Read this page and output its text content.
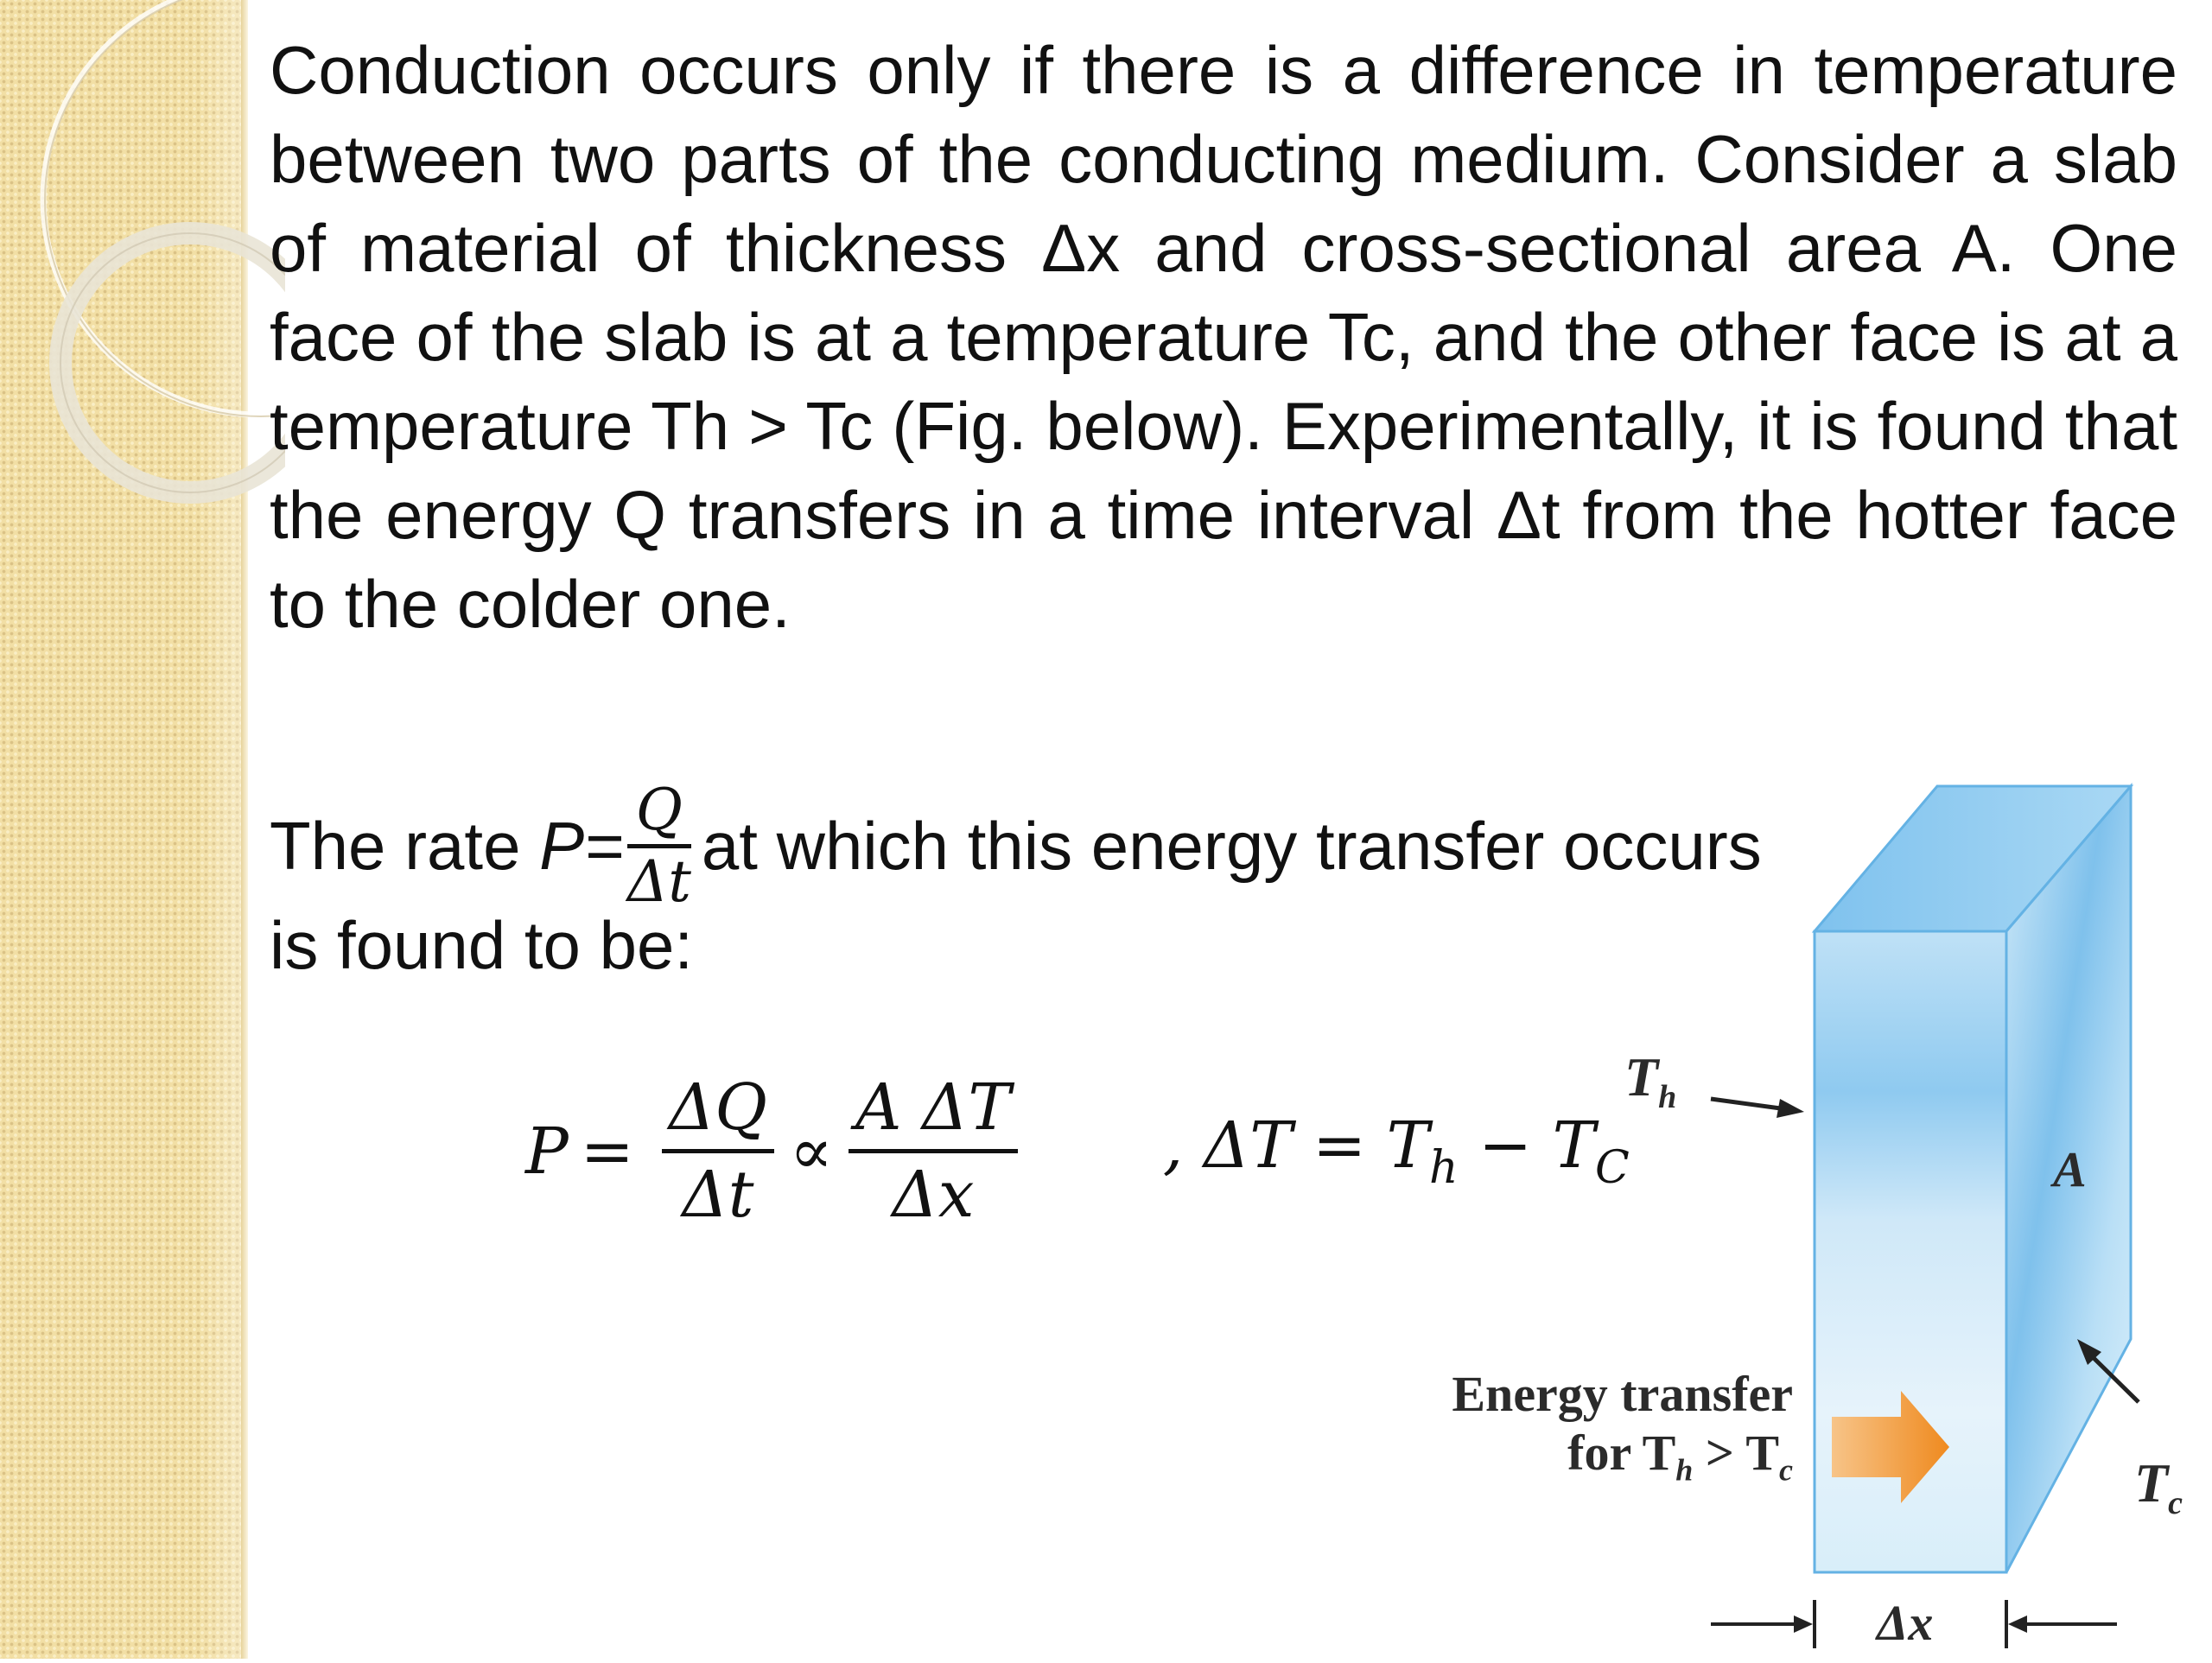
Conduction occurs only if there is a difference in temperature between two parts of the conducting medium. Consider a slab of material of thickness Δx and cross-sectional area A. One face of the slab is at a temperature Tc, and the other face is at a temperature Th > Tc (Fig. below). Experimentally, it is found that the energy Q transfers in a time interval Δt from the hotter face to the colder one.

The rate $P= \frac{Q}{\Delta t}$ at which this energy transfer occurs
is found to be:
$P = \frac{\Delta Q}{\Delta t} \propto \frac{\text{A ΔT}}{\Delta x}$ , $\Delta T = T_h - T_C$
$T_h$
A
Energy transfer
for $T_h > T_c$	$T_c$
Δx
